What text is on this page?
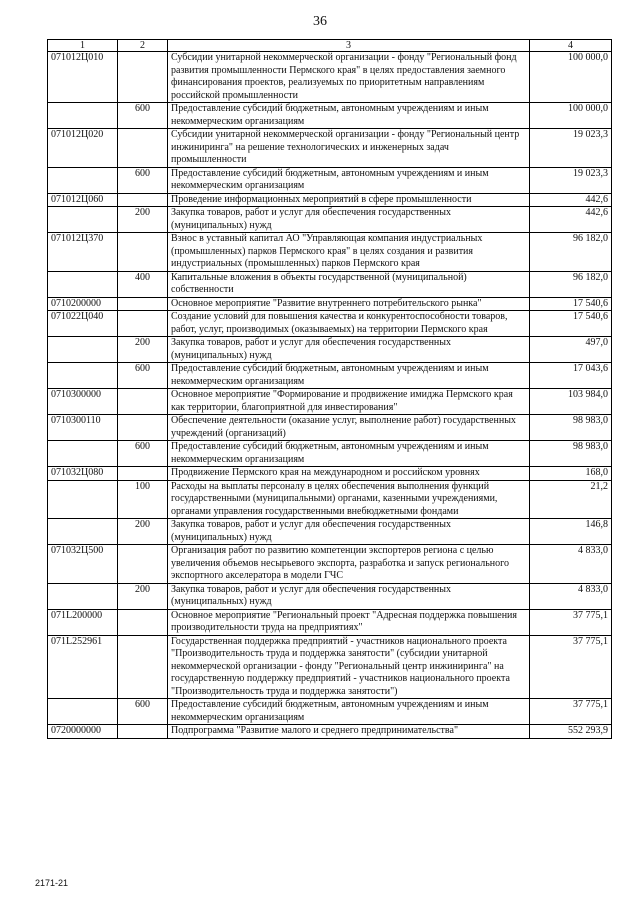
36
1	2	3	4
071012Ц010		Субсидии унитарной некоммерческой организации - фонду "Региональный фонд развития промышленности Пермского края" в целях предоставления заемного финансирования проектов, реализуемых по приоритетным направлениям российской промышленности	100 000,0
	600	Предоставление субсидий бюджетным, автономным учреждениям и иным некоммерческим организациям	100 000,0
071012Ц020		Субсидии унитарной некоммерческой организации - фонду "Региональный центр инжиниринга" на решение технологических и инженерных задач промышленности	19 023,3
	600	Предоставление субсидий бюджетным, автономным учреждениям и иным некоммерческим организациям	19 023,3
071012Ц060		Проведение информационных мероприятий в сфере промышленности	442,6
	200	Закупка товаров, работ и услуг для обеспечения государственных (муниципальных) нужд	442,6
071012Ц370		Взнос в уставный капитал АО "Управляющая компания индустриальных (промышленных) парков Пермского края" в целях создания и развития индустриальных (промышленных) парков Пермского края	96 182,0
	400	Капитальные вложения в объекты государственной (муниципальной) собственности	96 182,0
0710200000		Основное мероприятие "Развитие внутреннего потребительского рынка"	17 540,6
071022Ц040		Создание условий для повышения качества и конкурентоспособности товаров, работ, услуг, производимых (оказываемых) на территории Пермского края	17 540,6
	200	Закупка товаров, работ и услуг для обеспечения государственных (муниципальных) нужд	497,0
	600	Предоставление субсидий бюджетным, автономным учреждениям и иным некоммерческим организациям	17 043,6
0710300000		Основное мероприятие "Формирование и продвижение имиджа Пермского края как территории, благоприятной для инвестирования"	103 984,0
0710300110		Обеспечение деятельности (оказание услуг, выполнение работ) государственных учреждений (организаций)	98 983,0
	600	Предоставление субсидий бюджетным, автономным учреждениям и иным некоммерческим организациям	98 983,0
071032Ц080		Продвижение Пермского края на международном и российском уровнях	168,0
	100	Расходы на выплаты персоналу в целях обеспечения выполнения функций государственными (муниципальными) органами, казенными учреждениями, органами управления государственными внебюджетными фондами	21,2
	200	Закупка товаров, работ и услуг для обеспечения государственных (муниципальных) нужд	146,8
071032Ц500		Организация работ по развитию компетенции экспортеров региона с целью увеличения объемов несырьевого экспорта, разработка и запуск регионального экспортного акселератора в модели ГЧС	4 833,0
	200	Закупка товаров, работ и услуг для обеспечения государственных (муниципальных) нужд	4 833,0
071L200000		Основное мероприятие "Региональный проект "Адресная поддержка повышения производительности труда на предприятиях"	37 775,1
071L252961		Государственная поддержка предприятий - участников национального проекта "Производительность труда и поддержка занятости" (субсидии унитарной некоммерческой организации - фонду "Региональный центр инжиниринга" на государственную поддержку предприятий - участников национального проекта "Производительность труда и поддержка занятости")	37 775,1
	600	Предоставление субсидий бюджетным, автономным учреждениям и иным некоммерческим организациям	37 775,1
0720000000		Подпрограмма "Развитие малого и среднего предпринимательства"	552 293,9
2171-21
